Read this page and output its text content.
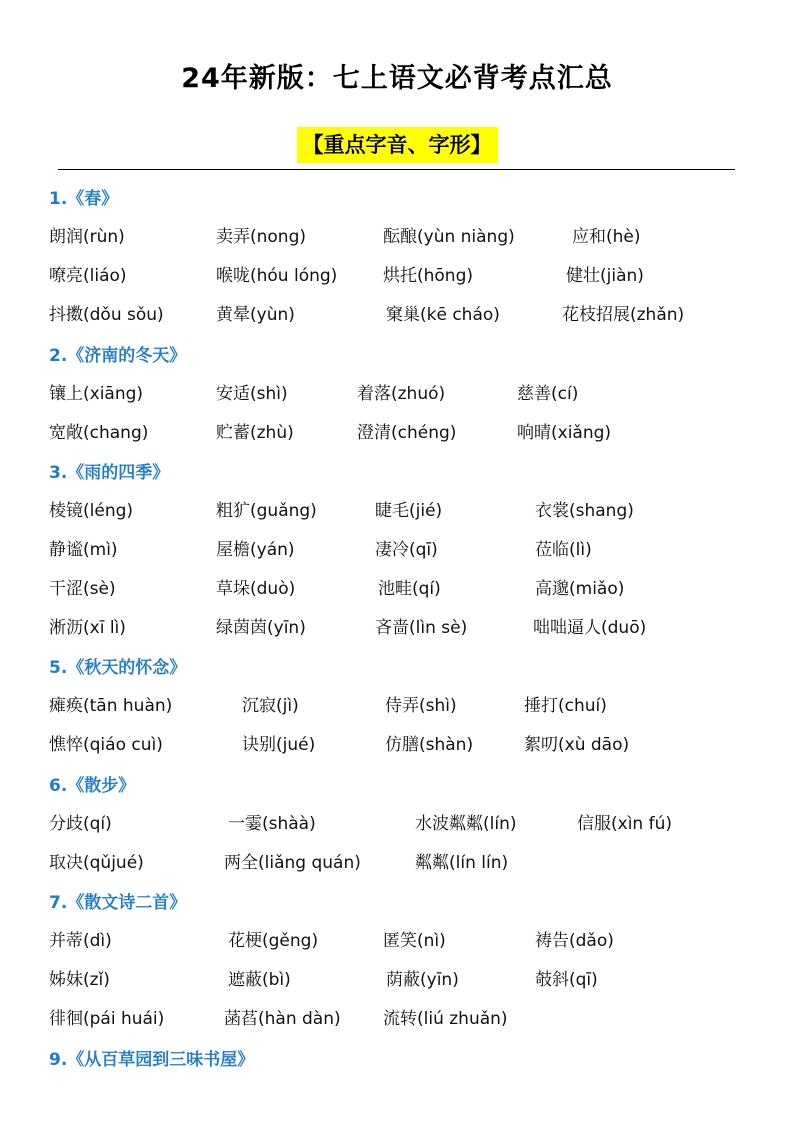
24年新版：七上语文必背考点汇总
【重点字音、字形】
1.《春》
朗润(rùn)	卖弄(nong)	酝酿(yùn niàng)	应和(hè)
嘹亮(liáo)	喉咙(hóu lóng)	烘托(hōng)	健壮(jiàn)
抖擞(dǒu sǒu)	黄晕(yùn)	窠巢(kē cháo)	花枝招展(zhǎn)
2.《济南的冬天》
镶上(xiāng)	安适(shì)	着落(zhuó)	慈善(cí)
宽敞(chang)	贮蓄(zhù)	澄清(chéng)	响晴(xiǎng)
3.《雨的四季》
棱镜(léng)	粗犷(guǎng)	睫毛(jié)	衣裳(shang)
静谧(mì)	屋檐(yán)	凄冷(qī)	莅临(lì)
干涩(sè)	草垛(duò)	池畦(qí)	高邈(miǎo)
淅沥(xī lì)	绿茵茵(yīn)	吝啬(lìn sè)	咄咄逼人(duō)
5.《秋天的怀念》
瘫痪(tān huàn)	沉寂(jì)	侍弄(shì)	捶打(chuí)
憔悴(qiáo cuì)	诀别(jué)	仿膳(shàn)	絮叨(xù dāo)
6.《散步》
分歧(qí)	一霎(shàà)	水波粼粼(lín)	信服(xìn fú)
取决(qǔjué)	两全(liǎng quán)	粼粼(lín lín)
7.《散文诗二首》
并蒂(dì)	花梗(gěng)	匿笑(nì)	祷告(dǎo)
姊妹(zǐ)	遮蔽(bì)	荫蔽(yīn)	攲斜(qī)
徘徊(pái huái)	菡萏(hàn dàn) 流转(liú zhuǎn)
9.《从百草园到三味书屋》
